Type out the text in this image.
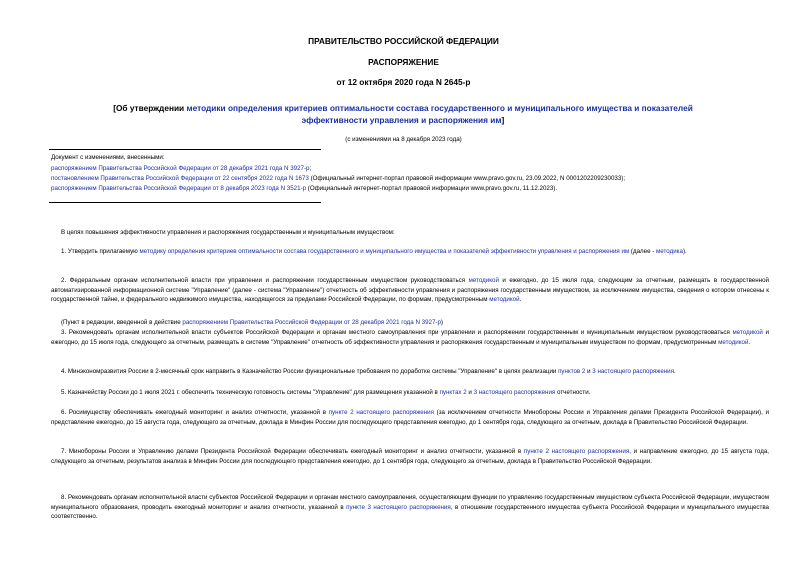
ПРАВИТЕЛЬСТВО РОССИЙСКОЙ ФЕДЕРАЦИИ
РАСПОРЯЖЕНИЕ
от 12 октября 2020 года N 2645-р
[Об утверждении методики определения критериев оптимальности состава государственного и муниципального имущества и показателей эффективности управления и распоряжения им]
(с изменениями на 8 декабря 2023 года)
Документ с изменениями, внесенными:
распоряжением Правительства Российской Федерации от 28 декабря 2021 года N 3927-р;
постановлением Правительства Российской Федерации от 22 сентября 2022 года N 1673 (Официальный интернет-портал правовой информации www.pravo.gov.ru, 23.09.2022, N 0001202209230033);
распоряжением Правительства Российской Федерации от 8 декабря 2023 года N 3521-р (Официальный интернет-портал правовой информации www.pravo.gov.ru, 11.12.2023).
В целях повышения эффективности управления и распоряжения государственным и муниципальным имуществом:
1. Утвердить прилагаемую методику определения критериев оптимальности состава государственного и муниципального имущества и показателей эффективности управления и распоряжения им (далее - методика).
2. Федеральным органам исполнительной власти при управлении и распоряжении государственным имуществом руководствоваться методикой и ежегодно, до 15 июля года, следующим за отчетным, размещать в государственной автоматизированной информационной системе "Управление" (далее - система "Управление") отчетность об эффективности управления и распоряжения государственным имуществом, за исключением имущества, сведения о котором отнесены к государственной тайне, и федерального недвижимого имущества, находящегося за пределами Российской Федерации, по формам, предусмотренным методикой.
(Пункт в редакции, введенной в действие распоряжением Правительства Российской Федерации от 28 декабря 2021 года N 3927-р)
3. Рекомендовать органам исполнительной власти субъектов Российской Федерации и органам местного самоуправления при управлении и распоряжении государственным и муниципальным имуществом руководствоваться методикой и ежегодно, до 15 июля года, следующего за отчетным, размещать в системе "Управление" отчетность об эффективности управления и распоряжения государственным и муниципальным имуществом по формам, предусмотренным методикой.
4. Минэкономразвития России в 2-месячный срок направить в Казначейство России функциональные требования по доработке системы "Управление" в целях реализации пунктов 2 и 3 настоящего распоряжения.
5. Казначейству России до 1 июля 2021 г. обеспечить техническую готовность системы "Управление" для размещения указанной в пунктах 2 и 3 настоящего распоряжения отчетности.
6. Росимуществу обеспечивать ежегодный мониторинг и анализ отчетности, указанной в пункте 2 настоящего распоряжения (за исключением отчетности Минобороны России и Управления делами Президента Российской Федерации), и представление ежегодно, до 15 августа года, следующего за отчетным, доклада в Минфин России для последующего представления ежегодно, до 1 сентября года, следующего за отчетным, доклада в Правительство Российской Федерации.
7. Минобороны России и Управлению делами Президента Российской Федерации обеспечивать ежегодный мониторинг и анализ отчетности, указанной в пункте 2 настоящего распоряжения, и направление ежегодно, до 15 августа года, следующего за отчетным, результатов анализа в Минфин России для последующего представления ежегодно, до 1 сентября года, следующего за отчетным, доклада в Правительство Российской Федерации.
8. Рекомендовать органам исполнительной власти субъектов Российской Федерации и органам местного самоуправления, осуществляющим функции по управлению государственным имуществом субъекта Российской Федерации, имуществом муниципального образования, проводить ежегодный мониторинг и анализ отчетности, указанной в пункте 3 настоящего распоряжения, в отношении государственного имущества субъекта Российской Федерации и муниципального имущества соответственно.
